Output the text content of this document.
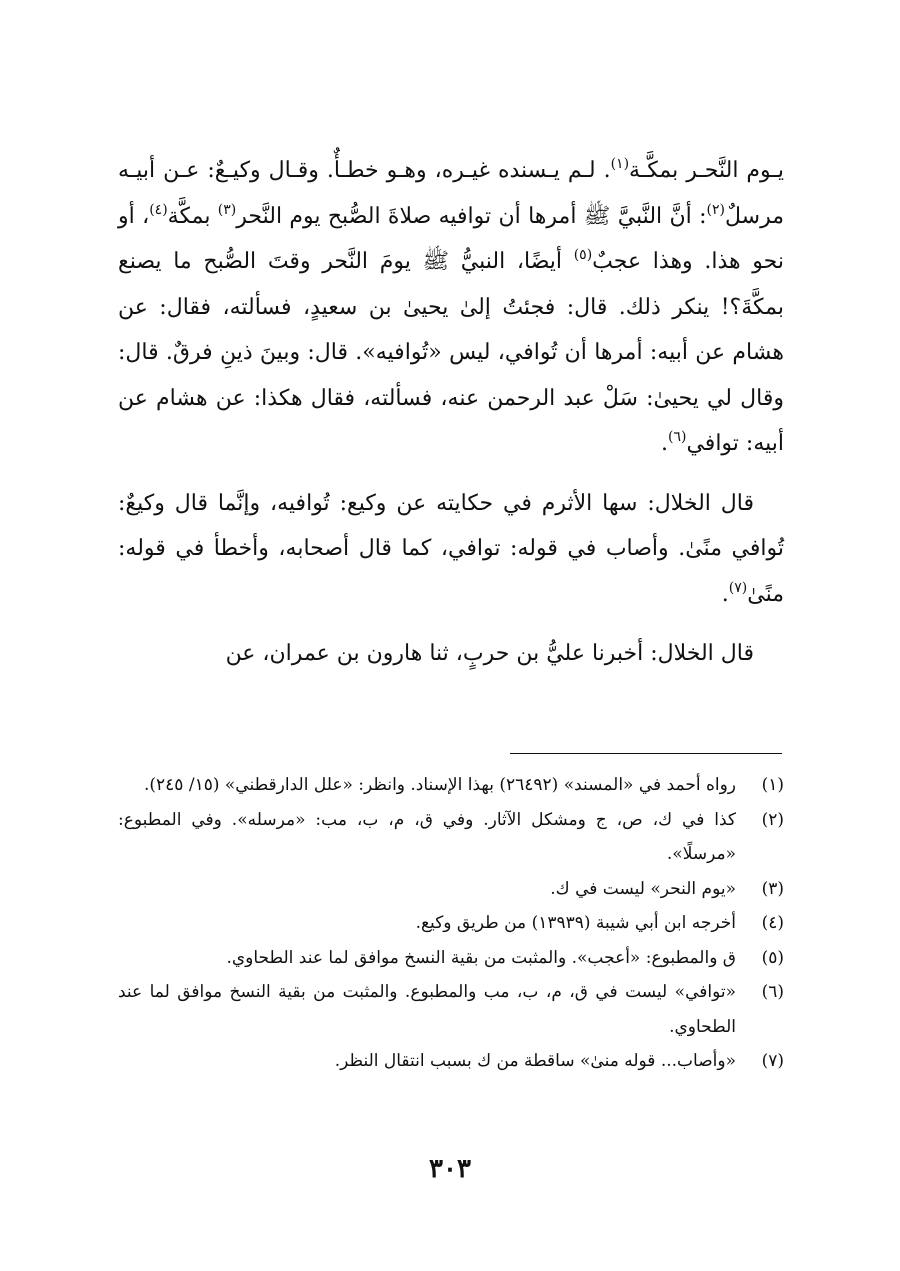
يـوم النَّحـر بمكَّـة$^{(١)}$. لـم يـسنده غيـره، وهـو خطـأٌ. وقـال وكيـعٌ: عـن أبيـه مرسلٌ$^{(٢)}$: أنَّ النَّبيَّ ﷺ أمرها أن توافيه صلاةَ الصُّبح يوم النَّحر$^{(٣)}$ بمكَّة$^{(٤)}$، أو نحو هذا. وهذا عجبٌ$^{(٥)}$ أيضًا، النبيُّ ﷺ يومَ النَّحر وقتَ الصُّبح ما يصنع بمكَّةَ؟! ينكر ذلك. قال: فجئتُ إلىٰ يحيىٰ بن سعيدٍ، فسألته، فقال: عن هشام عن أبيه: أمرها أن تُوافي، ليس «تُوافيه». قال: وبينَ ذينِ فرقٌ. قال: وقال لي يحيىٰ: سَلْ عبد الرحمن عنه، فسألته، فقال هكذا: عن هشام عن أبيه: توافي$^{(٦)}$.

قال الخلال: سها الأثرم في حكايته عن وكيع: تُوافيه، وإنَّما قال وكيعٌ: تُوافي منًىٰ. وأصاب في قوله: توافي، كما قال أصحابه، وأخطأ في قوله: منًىٰ$^{(٧)}$.

قال الخلال: أخبرنا عليُّ بن حربٍ، ثنا هارون بن عمران، عن

(١)
رواه أحمد في «المسند» (٢٦٤٩٢) بهذا الإسناد. وانظر: «علل الدارقطني» (١٥/ ٢٤٥).
(٢)
كذا في ك، ص، ج ومشكل الآثار. وفي ق، م، ب، مب: «مرسله». وفي المطبوع: «مرسلًا».
(٣)
«يوم النحر» ليست في ك.
(٤)
أخرجه ابن أبي شيبة (١٣٩٣٩) من طريق وكيع.
(٥)
ق والمطبوع: «أعجب». والمثبت من بقية النسخ موافق لما عند الطحاوي.
(٦)
«توافي» ليست في ق، م، ب، مب والمطبوع. والمثبت من بقية النسخ موافق لما عند الطحاوي.
(٧)
«وأصاب... قوله منىٰ» ساقطة من ك بسبب انتقال النظر.
٣٠٣
